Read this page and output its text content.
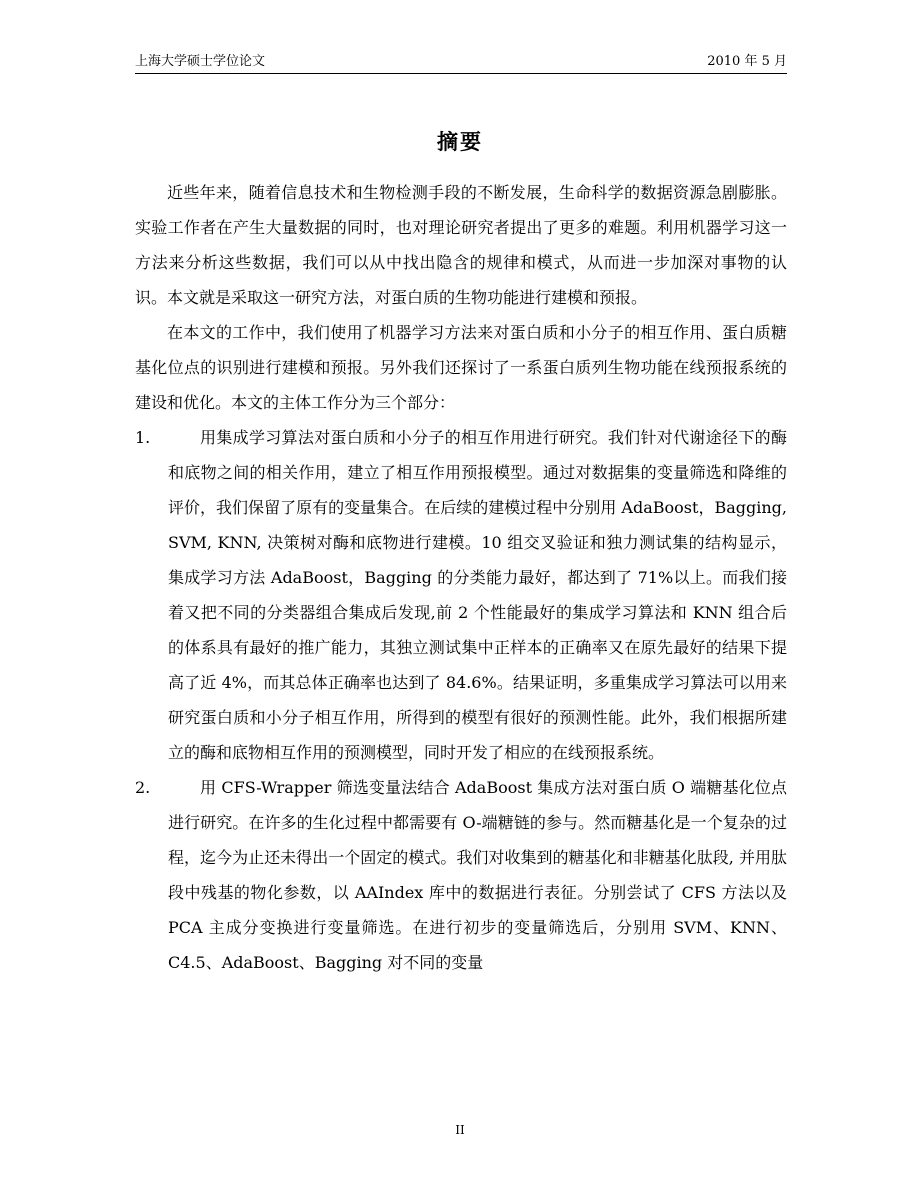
上海大学硕士学位论文	2010 年 5 月
摘要

近些年来，随着信息技术和生物检测手段的不断发展，生命科学的数据资源急剧膨胀。实验工作者在产生大量数据的同时，也对理论研究者提出了更多的难题。利用机器学习这一方法来分析这些数据，我们可以从中找出隐含的规律和模式，从而进一步加深对事物的认识。本文就是采取这一研究方法，对蛋白质的生物功能进行建模和预报。

在本文的工作中，我们使用了机器学习方法来对蛋白质和小分子的相互作用、蛋白质糖基化位点的识别进行建模和预报。另外我们还探讨了一系蛋白质列生物功能在线预报系统的建设和优化。本文的主体工作分为三个部分：

1.	用集成学习算法对蛋白质和小分子的相互作用进行研究。我们针对代谢途径下的酶和底物之间的相关作用，建立了相互作用预报模型。通过对数据集的变量筛选和降维的评价，我们保留了原有的变量集合。在后续的建模过程中分别用 AdaBoost，Bagging, SVM, KNN, 决策树对酶和底物进行建模。10 组交叉验证和独力测试集的结构显示，集成学习方法 AdaBoost，Bagging 的分类能力最好，都达到了 71%以上。而我们接着又把不同的分类器组合集成后发现,前 2 个性能最好的集成学习算法和 KNN 组合后的体系具有最好的推广能力，其独立测试集中正样本的正确率又在原先最好的结果下提高了近 4%，而其总体正确率也达到了 84.6%。结果证明，多重集成学习算法可以用来研究蛋白质和小分子相互作用，所得到的模型有很好的预测性能。此外，我们根据所建立的酶和底物相互作用的预测模型，同时开发了相应的在线预报系统。
2.	用 CFS-Wrapper 筛选变量法结合 AdaBoost 集成方法对蛋白质 O 端糖基化位点进行研究。在许多的生化过程中都需要有 O-端糖链的参与。然而糖基化是一个复杂的过程，迄今为止还未得出一个固定的模式。我们对收集到的糖基化和非糖基化肽段, 并用肽段中残基的物化参数，以 AAIndex 库中的数据进行表征。分别尝试了 CFS 方法以及 PCA 主成分变换进行变量筛选。在进行初步的变量筛选后，分别用 SVM、KNN、C4.5、AdaBoost、Bagging 对不同的变量
II
